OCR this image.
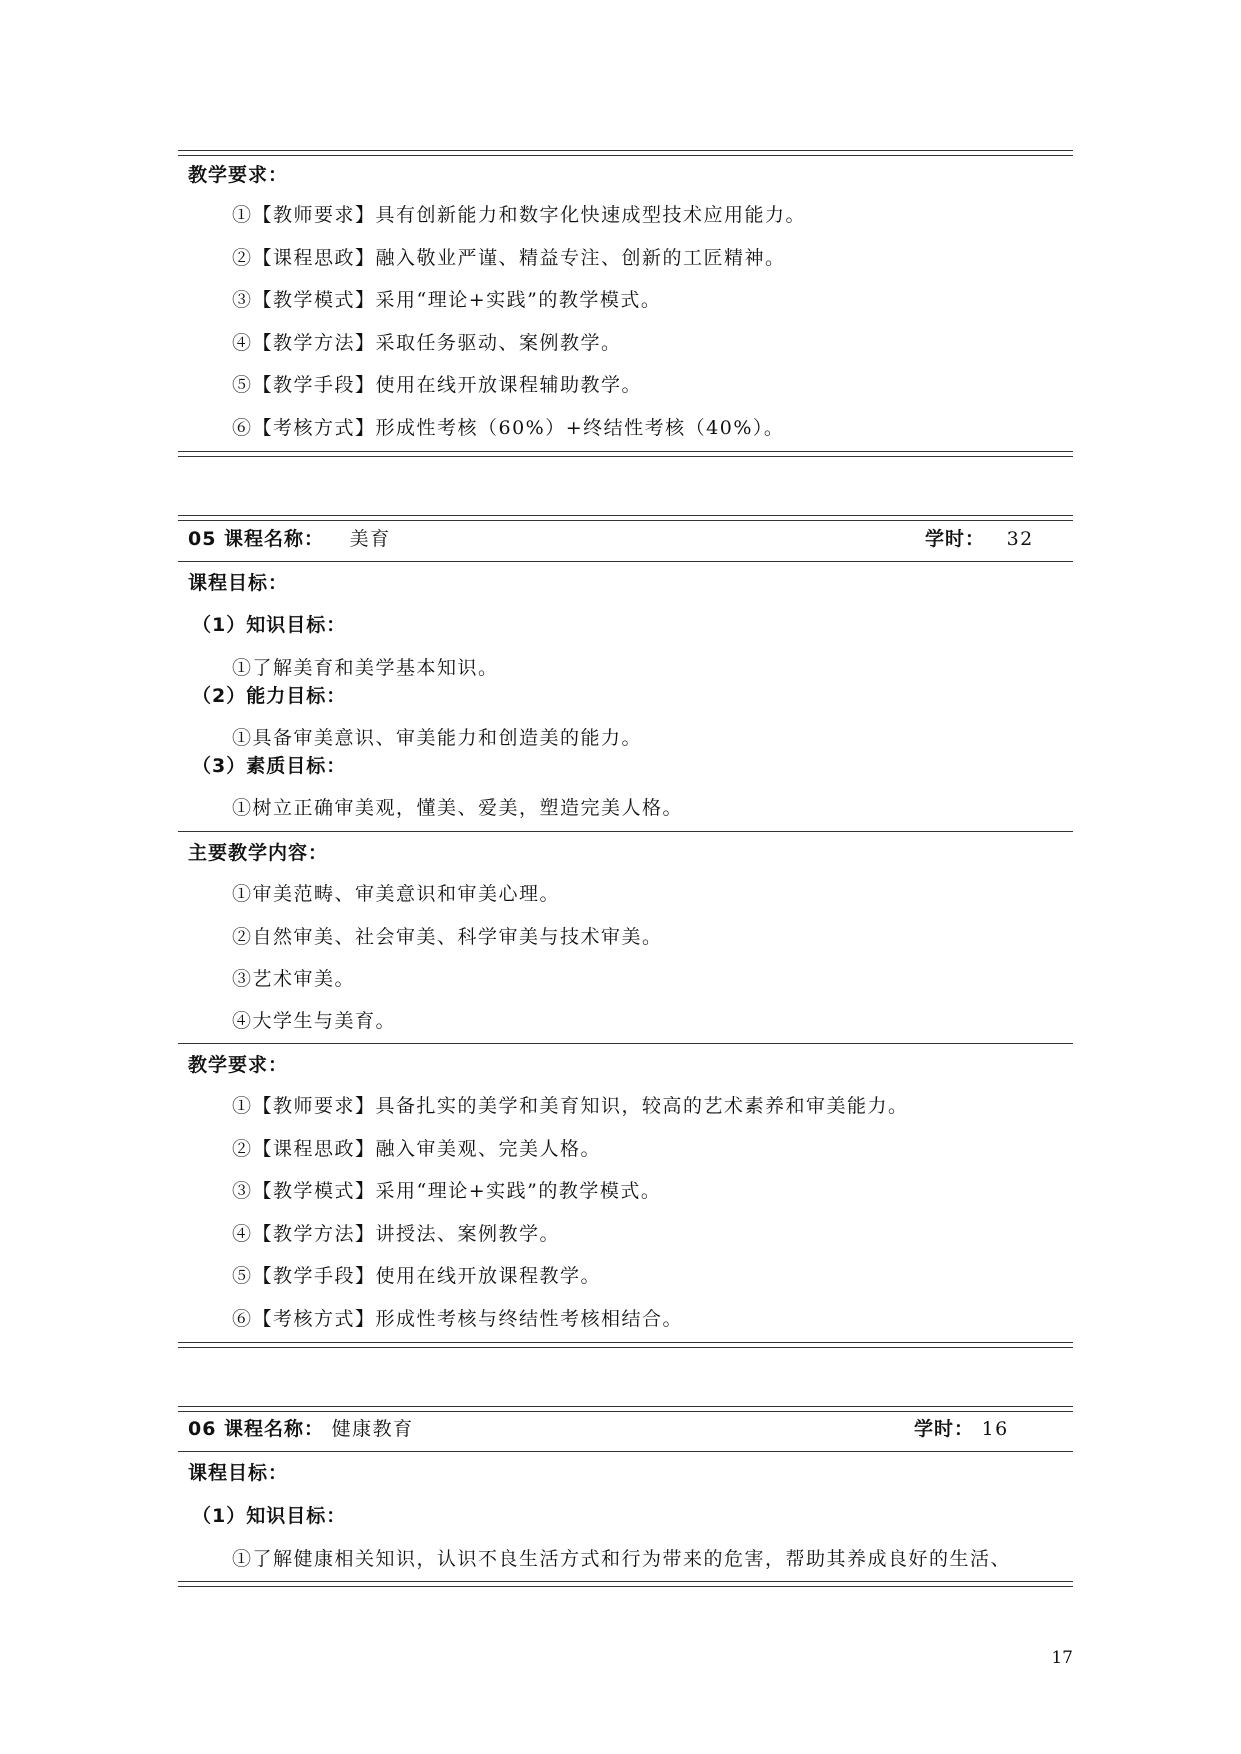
教学要求：
①【教师要求】具有创新能力和数字化快速成型技术应用能力。
②【课程思政】融入敬业严谨、精益专注、创新的工匠精神。
③【教学模式】采用“理论+实践”的教学模式。
④【教学方法】采取任务驱动、案例教学。
⑤【教学手段】使用在线开放课程辅助教学。
⑥【考核方式】形成性考核（60%）+终结性考核（40%）。
05 课程名称： 美育	学时： 32
课程目标：
（1）知识目标：
①了解美育和美学基本知识。
（2）能力目标：
①具备审美意识、审美能力和创造美的能力。
（3）素质目标：
①树立正确审美观，懂美、爱美，塑造完美人格。
主要教学内容：
①审美范畴、审美意识和审美心理。
②自然审美、社会审美、科学审美与技术审美。
③艺术审美。
④大学生与美育。
教学要求：
①【教师要求】具备扎实的美学和美育知识，较高的艺术素养和审美能力。
②【课程思政】融入审美观、完美人格。
③【教学模式】采用“理论+实践”的教学模式。
④【教学方法】讲授法、案例教学。
⑤【教学手段】使用在线开放课程教学。
⑥【考核方式】形成性考核与终结性考核相结合。
06 课程名称： 健康教育	学时： 16
课程目标：
（1）知识目标：
①了解健康相关知识，认识不良生活方式和行为带来的危害，帮助其养成良好的生活、
17
